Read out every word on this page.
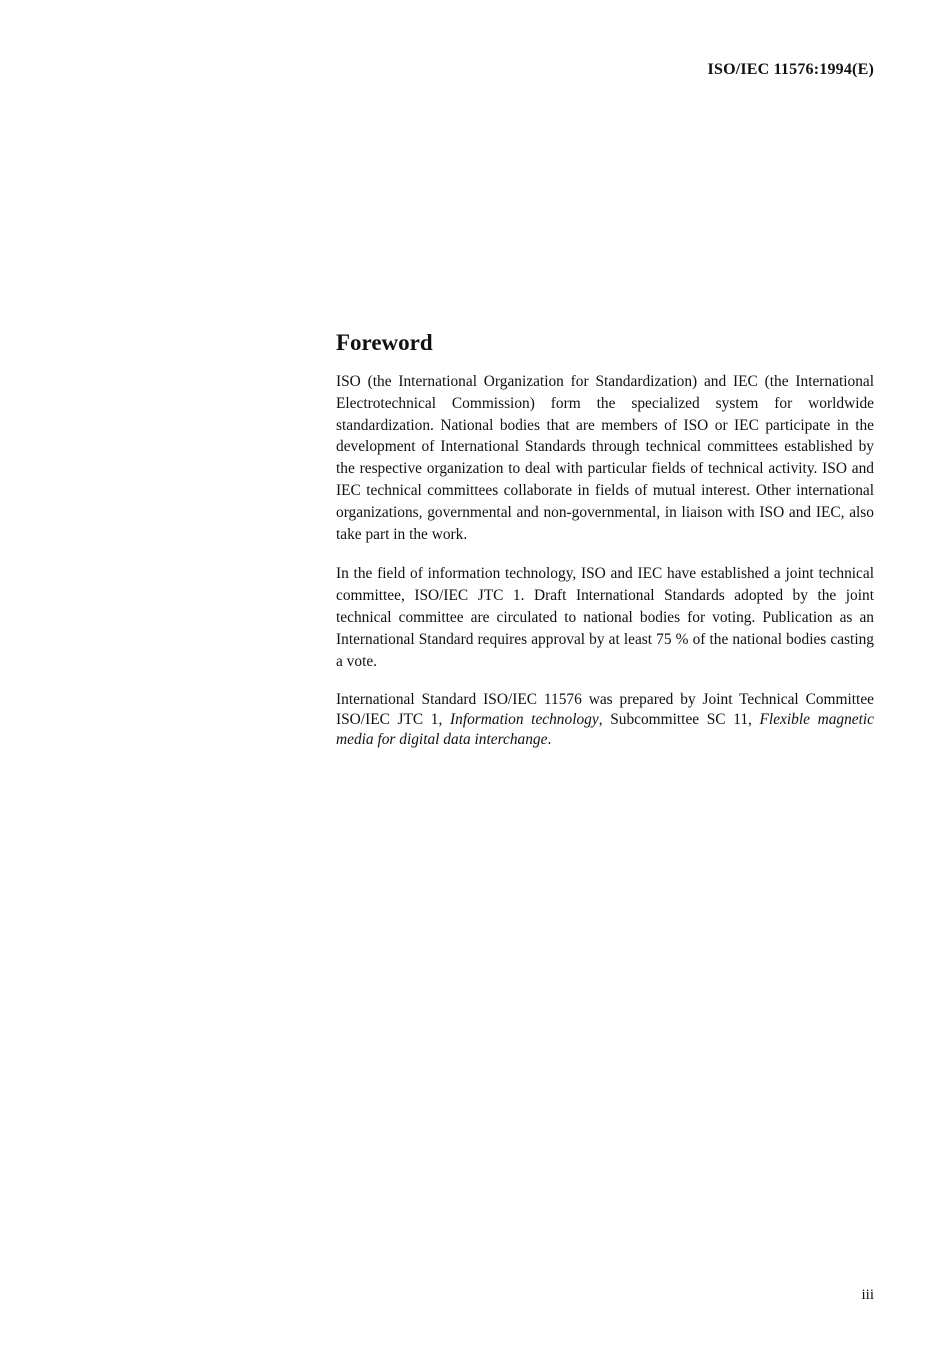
ISO/IEC 11576:1994(E)
Foreword

ISO (the International Organization for Standardization) and IEC (the International Electrotechnical Commission) form the specialized system for worldwide standardization. National bodies that are members of ISO or IEC participate in the development of International Standards through technical committees established by the respective organization to deal with particular fields of technical activity. ISO and IEC technical committees collaborate in fields of mutual interest. Other international organizations, governmental and non-governmental, in liaison with ISO and IEC, also take part in the work.

In the field of information technology, ISO and IEC have established a joint technical committee, ISO/IEC JTC 1. Draft International Standards adopted by the joint technical committee are circulated to national bodies for voting. Publication as an International Standard requires approval by at least 75 % of the national bodies casting a vote.

International Standard ISO/IEC 11576 was prepared by Joint Technical Committee ISO/IEC JTC 1, Information technology, Subcommittee SC 11, Flexible magnetic media for digital data interchange.

iii
